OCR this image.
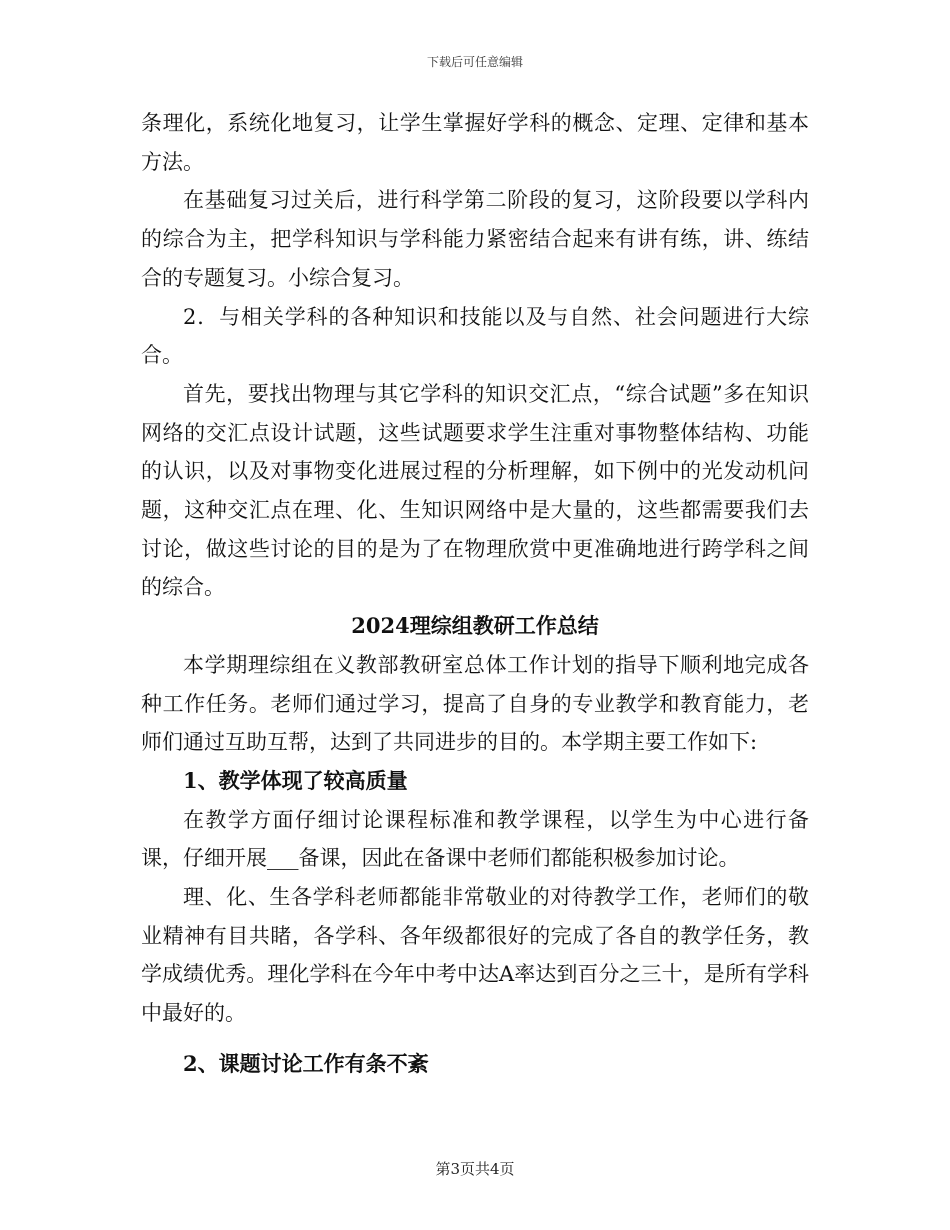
下载后可任意编辑

条理化，系统化地复习，让学生掌握好学科的概念、定理、定律和基本方法。

在基础复习过关后，进行科学第二阶段的复习，这阶段要以学科内的综合为主，把学科知识与学科能力紧密结合起来有讲有练，讲、练结合的专题复习。小综合复习。

2．与相关学科的各种知识和技能以及与自然、社会问题进行大综合。

首先，要找出物理与其它学科的知识交汇点，“综合试题”多在知识网络的交汇点设计试题，这些试题要求学生注重对事物整体结构、功能的认识，以及对事物变化进展过程的分析理解，如下例中的光发动机问题，这种交汇点在理、化、生知识网络中是大量的，这些都需要我们去讨论，做这些讨论的目的是为了在物理欣赏中更准确地进行跨学科之间的综合。

2024理综组教研工作总结

本学期理综组在义教部教研室总体工作计划的指导下顺利地完成各种工作任务。老师们通过学习，提高了自身的专业教学和教育能力，老师们通过互助互帮，达到了共同进步的目的。本学期主要工作如下:

1、教学体现了较高质量

在教学方面仔细讨论课程标准和教学课程，以学生为中心进行备课，仔细开展___备课，因此在备课中老师们都能积极参加讨论。

理、化、生各学科老师都能非常敬业的对待教学工作，老师们的敬业精神有目共睹，各学科、各年级都很好的完成了各自的教学任务，教学成绩优秀。理化学科在今年中考中达A率达到百分之三十，是所有学科中最好的。

2、课题讨论工作有条不紊

第3页共4页
